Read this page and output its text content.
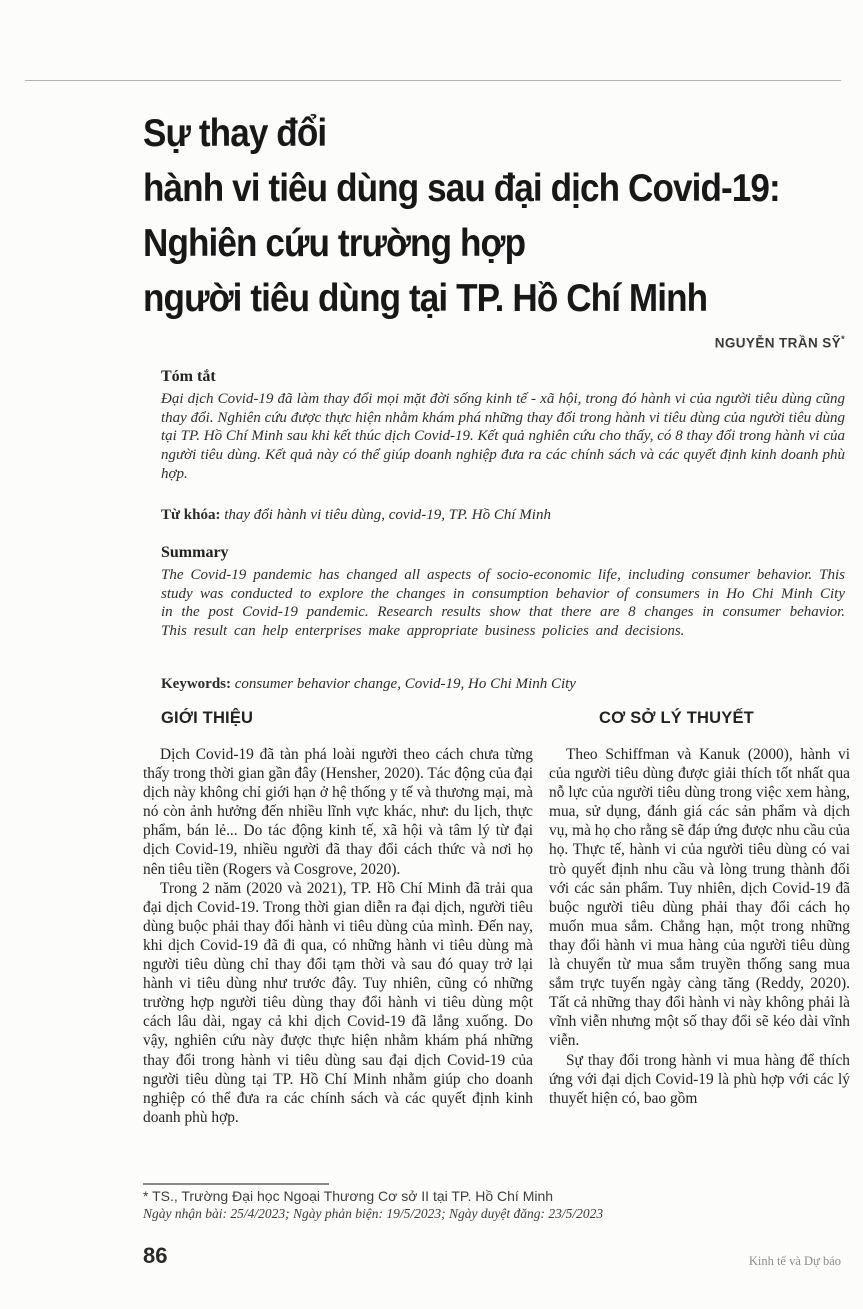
Sự thay đổi
hành vi tiêu dùng sau đại dịch Covid-19:
Nghiên cứu trường hợp
người tiêu dùng tại TP. Hồ Chí Minh
NGUYỄN TRẦN SỸ*
Tóm tắt

Đại dịch Covid-19 đã làm thay đổi mọi mặt đời sống kinh tế - xã hội, trong đó hành vi của người tiêu dùng cũng thay đổi. Nghiên cứu được thực hiện nhằm khám phá những thay đổi trong hành vi tiêu dùng của người tiêu dùng tại TP. Hồ Chí Minh sau khi kết thúc dịch Covid-19. Kết quả nghiên cứu cho thấy, có 8 thay đổi trong hành vi của người tiêu dùng. Kết quả này có thể giúp doanh nghiệp đưa ra các chính sách và các quyết định kinh doanh phù hợp.

Từ khóa: thay đổi hành vi tiêu dùng, covid-19, TP. Hồ Chí Minh

Summary

The Covid-19 pandemic has changed all aspects of socio-economic life, including consumer behavior. This study was conducted to explore the changes in consumption behavior of consumers in Ho Chi Minh City in the post Covid-19 pandemic. Research results show that there are 8 changes in consumer behavior. This result can help enterprises make appropriate business policies and decisions.

Keywords: consumer behavior change, Covid-19, Ho Chi Minh City

GIỚI THIỆU

Dịch Covid-19 đã tàn phá loài người theo cách chưa từng thấy trong thời gian gần đây (Hensher, 2020). Tác động của đại dịch này không chỉ giới hạn ở hệ thống y tế và thương mại, mà nó còn ảnh hưởng đến nhiều lĩnh vực khác, như: du lịch, thực phẩm, bán lẻ... Do tác động kinh tế, xã hội và tâm lý từ đại dịch Covid-19, nhiều người đã thay đổi cách thức và nơi họ nên tiêu tiền (Rogers và Cosgrove, 2020).

Trong 2 năm (2020 và 2021), TP. Hồ Chí Minh đã trải qua đại dịch Covid-19. Trong thời gian diễn ra đại dịch, người tiêu dùng buộc phải thay đổi hành vi tiêu dùng của mình. Đến nay, khi dịch Covid-19 đã đi qua, có những hành vi tiêu dùng mà người tiêu dùng chỉ thay đổi tạm thời và sau đó quay trở lại hành vi tiêu dùng như trước đây. Tuy nhiên, cũng có những trường hợp người tiêu dùng thay đổi hành vi tiêu dùng một cách lâu dài, ngay cả khi dịch Covid-19 đã lắng xuống. Do vậy, nghiên cứu này được thực hiện nhằm khám phá những thay đổi trong hành vi tiêu dùng sau đại dịch Covid-19 của người tiêu dùng tại TP. Hồ Chí Minh nhằm giúp cho doanh nghiệp có thể đưa ra các chính sách và các quyết định kinh doanh phù hợp.

CƠ SỞ LÝ THUYẾT

Theo Schiffman và Kanuk (2000), hành vi của người tiêu dùng được giải thích tốt nhất qua nỗ lực của người tiêu dùng trong việc xem hàng, mua, sử dụng, đánh giá các sản phẩm và dịch vụ, mà họ cho rằng sẽ đáp ứng được nhu cầu của họ. Thực tế, hành vi của người tiêu dùng có vai trò quyết định nhu cầu và lòng trung thành đối với các sản phẩm. Tuy nhiên, dịch Covid-19 đã buộc người tiêu dùng phải thay đổi cách họ muốn mua sắm. Chẳng hạn, một trong những thay đổi hành vi mua hàng của người tiêu dùng là chuyển từ mua sắm truyền thống sang mua sắm trực tuyến ngày càng tăng (Reddy, 2020). Tất cả những thay đổi hành vi này không phải là vĩnh viễn nhưng một số thay đổi sẽ kéo dài vĩnh viễn.

Sự thay đổi trong hành vi mua hàng để thích ứng với đại dịch Covid-19 là phù hợp với các lý thuyết hiện có, bao gồm

* TS., Trường Đại học Ngoại Thương Cơ sở II tại TP. Hồ Chí Minh
Ngày nhận bài: 25/4/2023; Ngày phản biện: 19/5/2023; Ngày duyệt đăng: 23/5/2023
86	Kinh tế và Dự báo
